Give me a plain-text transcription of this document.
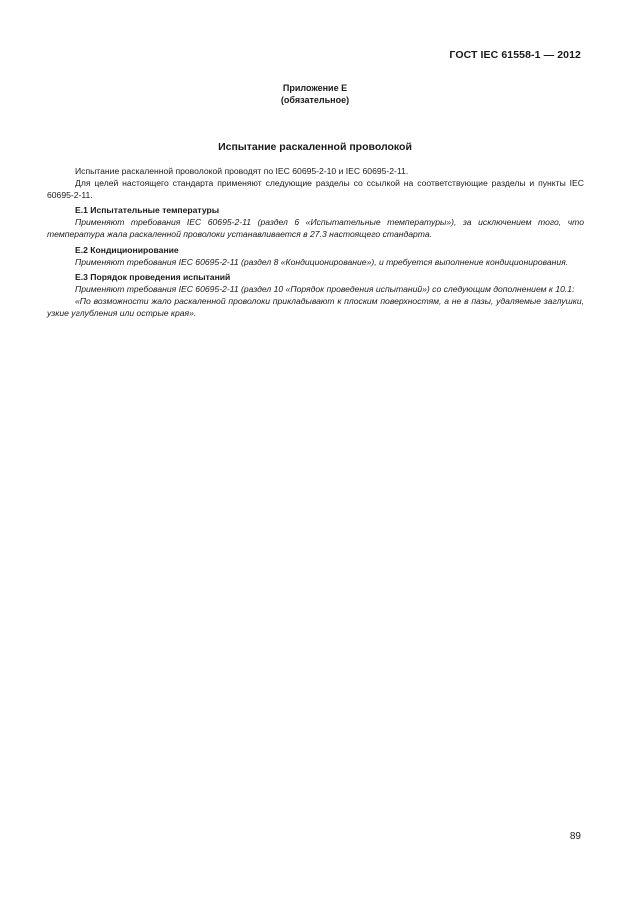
ГОСТ IEC 61558-1 — 2012
Приложение Е
(обязательное)
Испытание раскаленной проволокой

Испытание раскаленной проволокой проводят по IEC 60695-2-10 и IEC 60695-2-11.

Для целей настоящего стандарта применяют следующие разделы со ссылкой на соответствующие разделы и пункты IEC 60695-2-11.

Е.1 Испытательные температуры

Применяют требования IEC 60695-2-11 (раздел 6 «Испытательные температуры»), за исключением того, что температура жала раскаленной проволоки устанавливается в 27.3 настоящего стандарта.

Е.2 Кондиционирование

Применяют требования IEC 60695-2-11 (раздел 8 «Кондиционирование»), и требуется выполнение кондиционирования.

Е.3 Порядок проведения испытаний

Применяют требования IEC 60695-2-11 (раздел 10 «Порядок проведения испытаний») со следующим дополнением к 10.1:

«По возможности жало раскаленной проволоки прикладывают к плоским поверхностям, а не в пазы, удаляемые заглушки, узкие углубления или острые края».

89
